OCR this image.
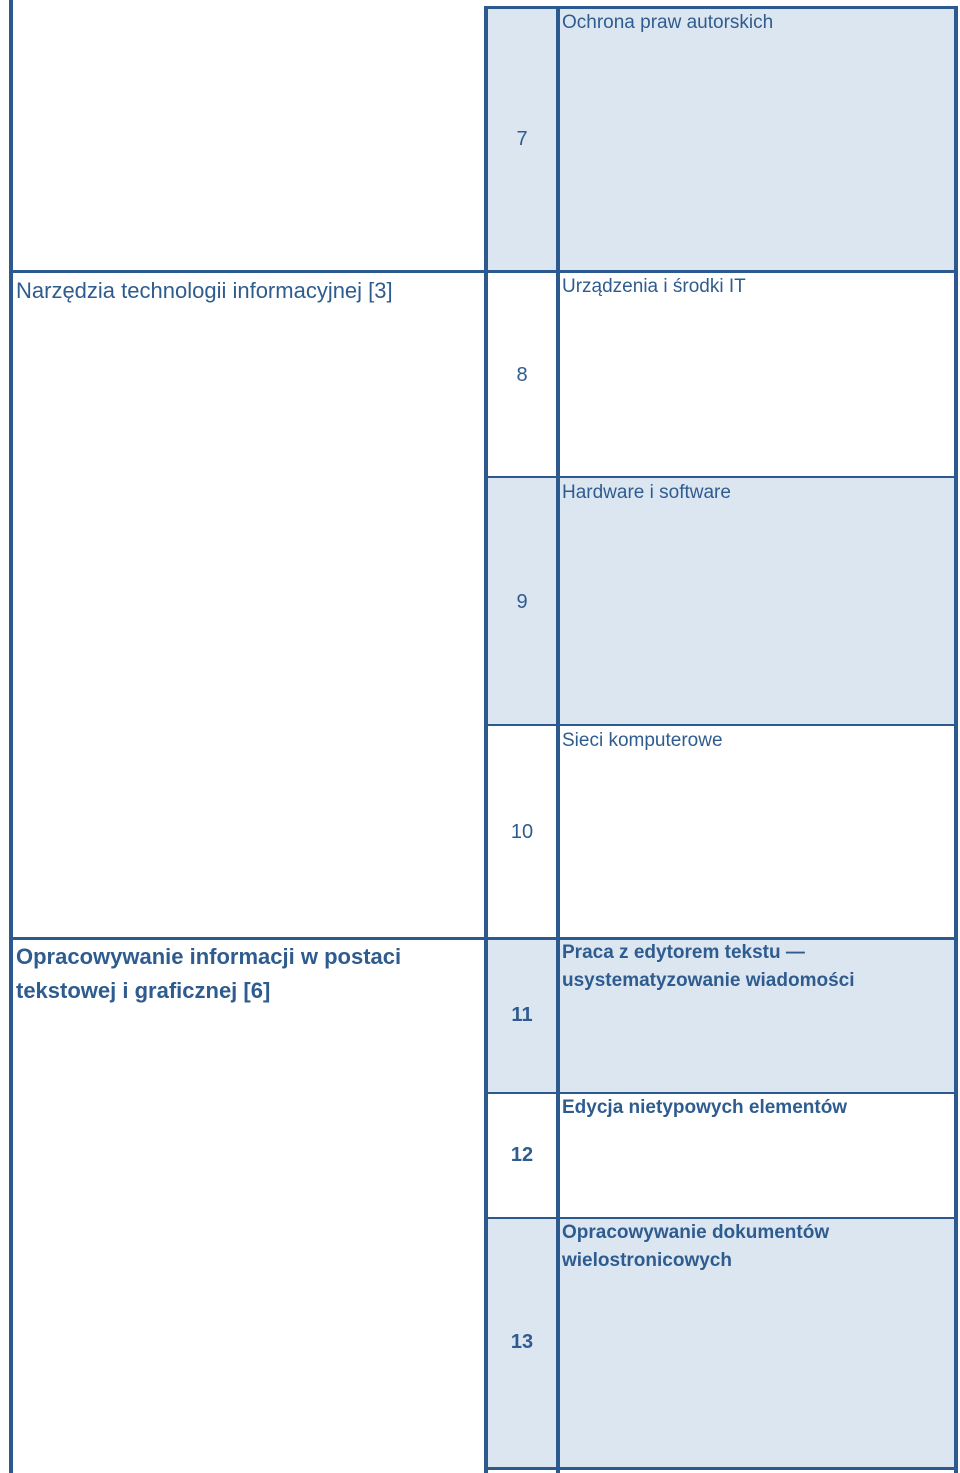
Narzędzia technologii informacyjnej [3]
Opracowywanie informacji w postaci tekstowej i graficznej [6]
7
8
9
10
11
12
13
Ochrona praw autorskich
Urządzenia i środki IT
Hardware i software
Sieci komputerowe
Praca z edytorem tekstu — usystematyzowanie wiadomości
Edycja nietypowych elementów
Opracowywanie dokumentów wielostronicowych
